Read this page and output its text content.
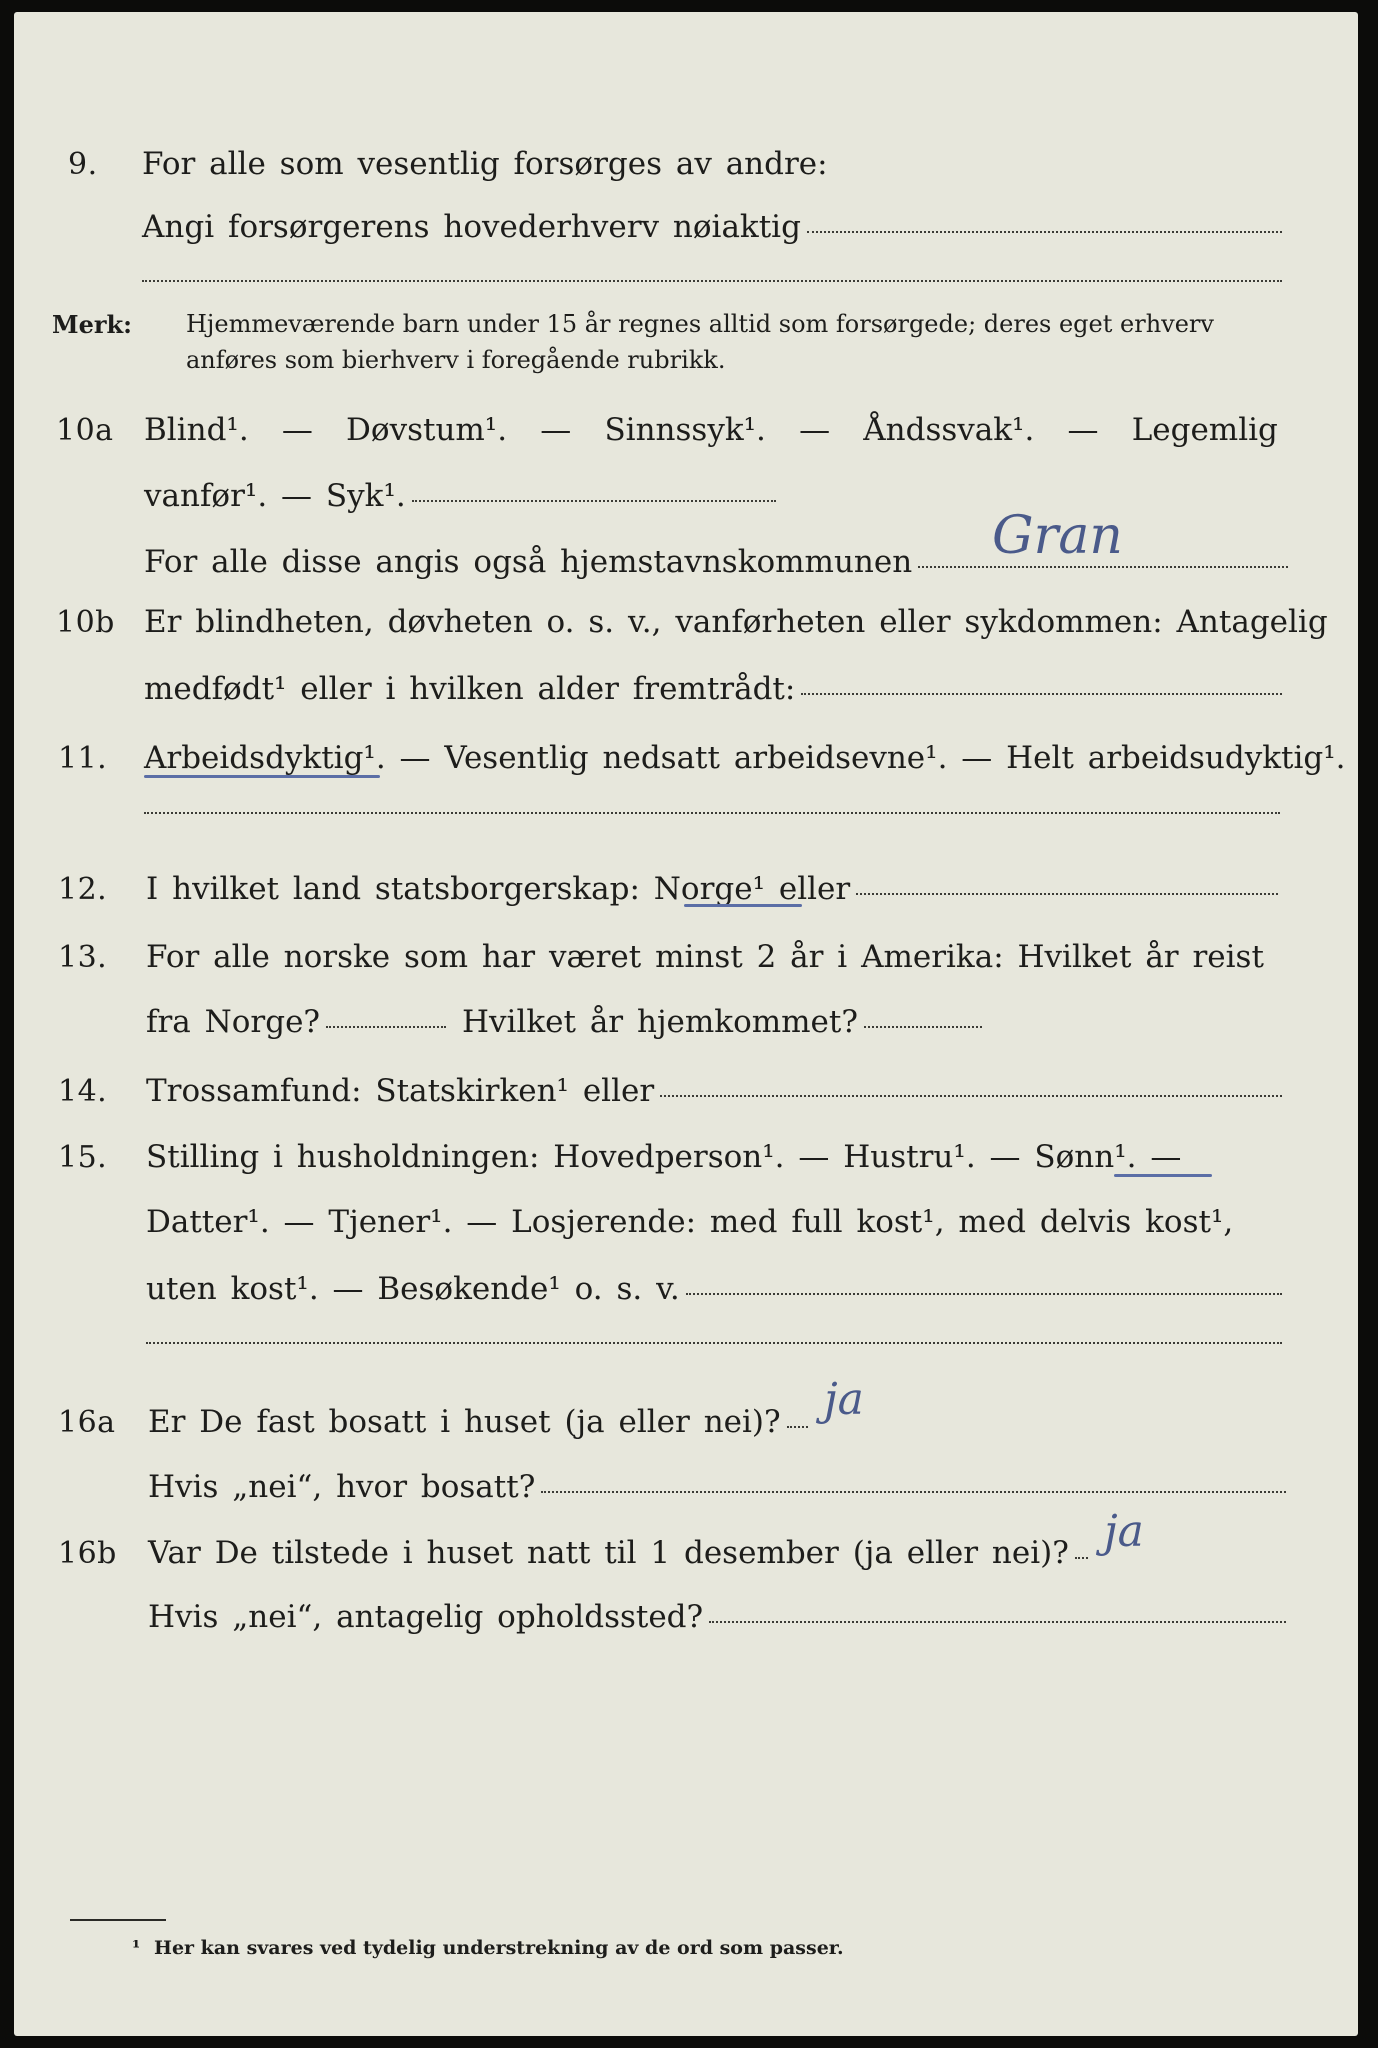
9.	For alle som vesentlig forsørges av andre:
Angi forsørgerens hovederhverv nøiaktig
Merk: Hjemmeværende barn under 15 år regnes alltid som forsørgede; deres eget erhverv
anføres som bierhverv i foregående rubrikk.
10a Blind¹. — Døvstum¹. — Sinnssyk¹. — Åndssvak¹. — Legemlig
vanfør¹. — Syk¹.
For alle disse angis også hjemstavnskommunen Gran
10b Er blindheten, døvheten o. s. v., vanførheten eller sykdommen: Antagelig
medfødt¹ eller i hvilken alder fremtrådt:
11.	Arbeidsdyktig¹. — Vesentlig nedsatt arbeidsevne¹. — Helt arbeidsudyktig¹.
12.	I hvilket land statsborgerskap: Norge¹ eller
13.	For alle norske som har været minst 2 år i Amerika: Hvilket år reist
fra Norge?	Hvilket år hjemkommet?
14.	Trossamfund: Statskirken¹ eller
15.	Stilling i husholdningen: Hovedperson¹. — Hustru¹. — Sønn¹. —
Datter¹. — Tjener¹. — Losjerende: med full kost¹, med delvis kost¹,
uten kost¹. — Besøkende¹ o. s. v.
16a	Er De fast bosatt i huset (ja eller nei)? ja
Hvis „nei“, hvor bosatt?
16b	Var De tilstede i huset natt til 1 desember (ja eller nei)? ja
Hvis „nei“, antagelig opholdssted?
¹ Her kan svares ved tydelig understrekning av de ord som passer.
